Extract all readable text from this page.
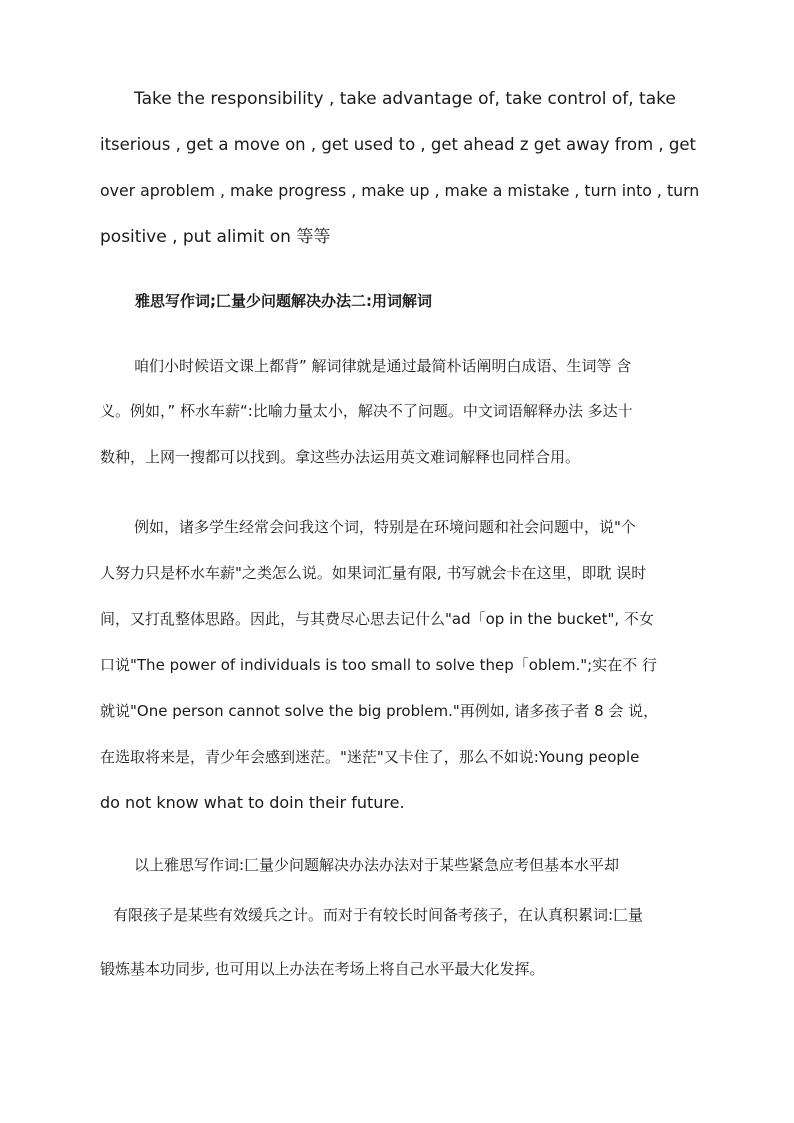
Take the responsibility , take advantage of, take control of, take
itserious , get a move on , get used to , get ahead z get away from , get
over aproblem , make progress , make up , make a mistake , turn into , turn
positive , put alimit on 等等
雅思写作词;匚量少问题解决办法二:用词解词
咱们小时候语文课上都背” 解词律就是通过最简朴话阐明白成语、生词等 含
义。例如，” 杯水车薪“:比喻力量太小，解决不了问题。中文词语解释办法 多达十
数种，上网一搜都可以找到。拿这些办法运用英文难词解释也同样合用。
例如，诸多学生经常会问我这个词，特别是在环境问题和社会问题中，说"个
人努力只是杯水车薪"之类怎么说。如果词汇量有限, 书写就会卡在这里，即耽 误时
间，又打乱整体思路。因此，与其费尽心思去记什么"ad「op in the bucket", 不女
口说"The power of individuals is too small to solve thep「oblem.";实在不 行
就说"One person cannot solve the big problem."再例如, 诸多孩子者 8 会 说，
在选取将来是，青少年会感到迷茫。"迷茫"又卡住了，那么不如说:Young people
do not know what to doin their future.
以上雅思写作词:匚量少问题解决办法办法对于某些紧急应考但基本水平却
有限孩子是某些有效缓兵之计。而对于有较长时间备考孩子，在认真积累词:匚量
锻炼基本功同步, 也可用以上办法在考场上将自己水平最大化发挥。
